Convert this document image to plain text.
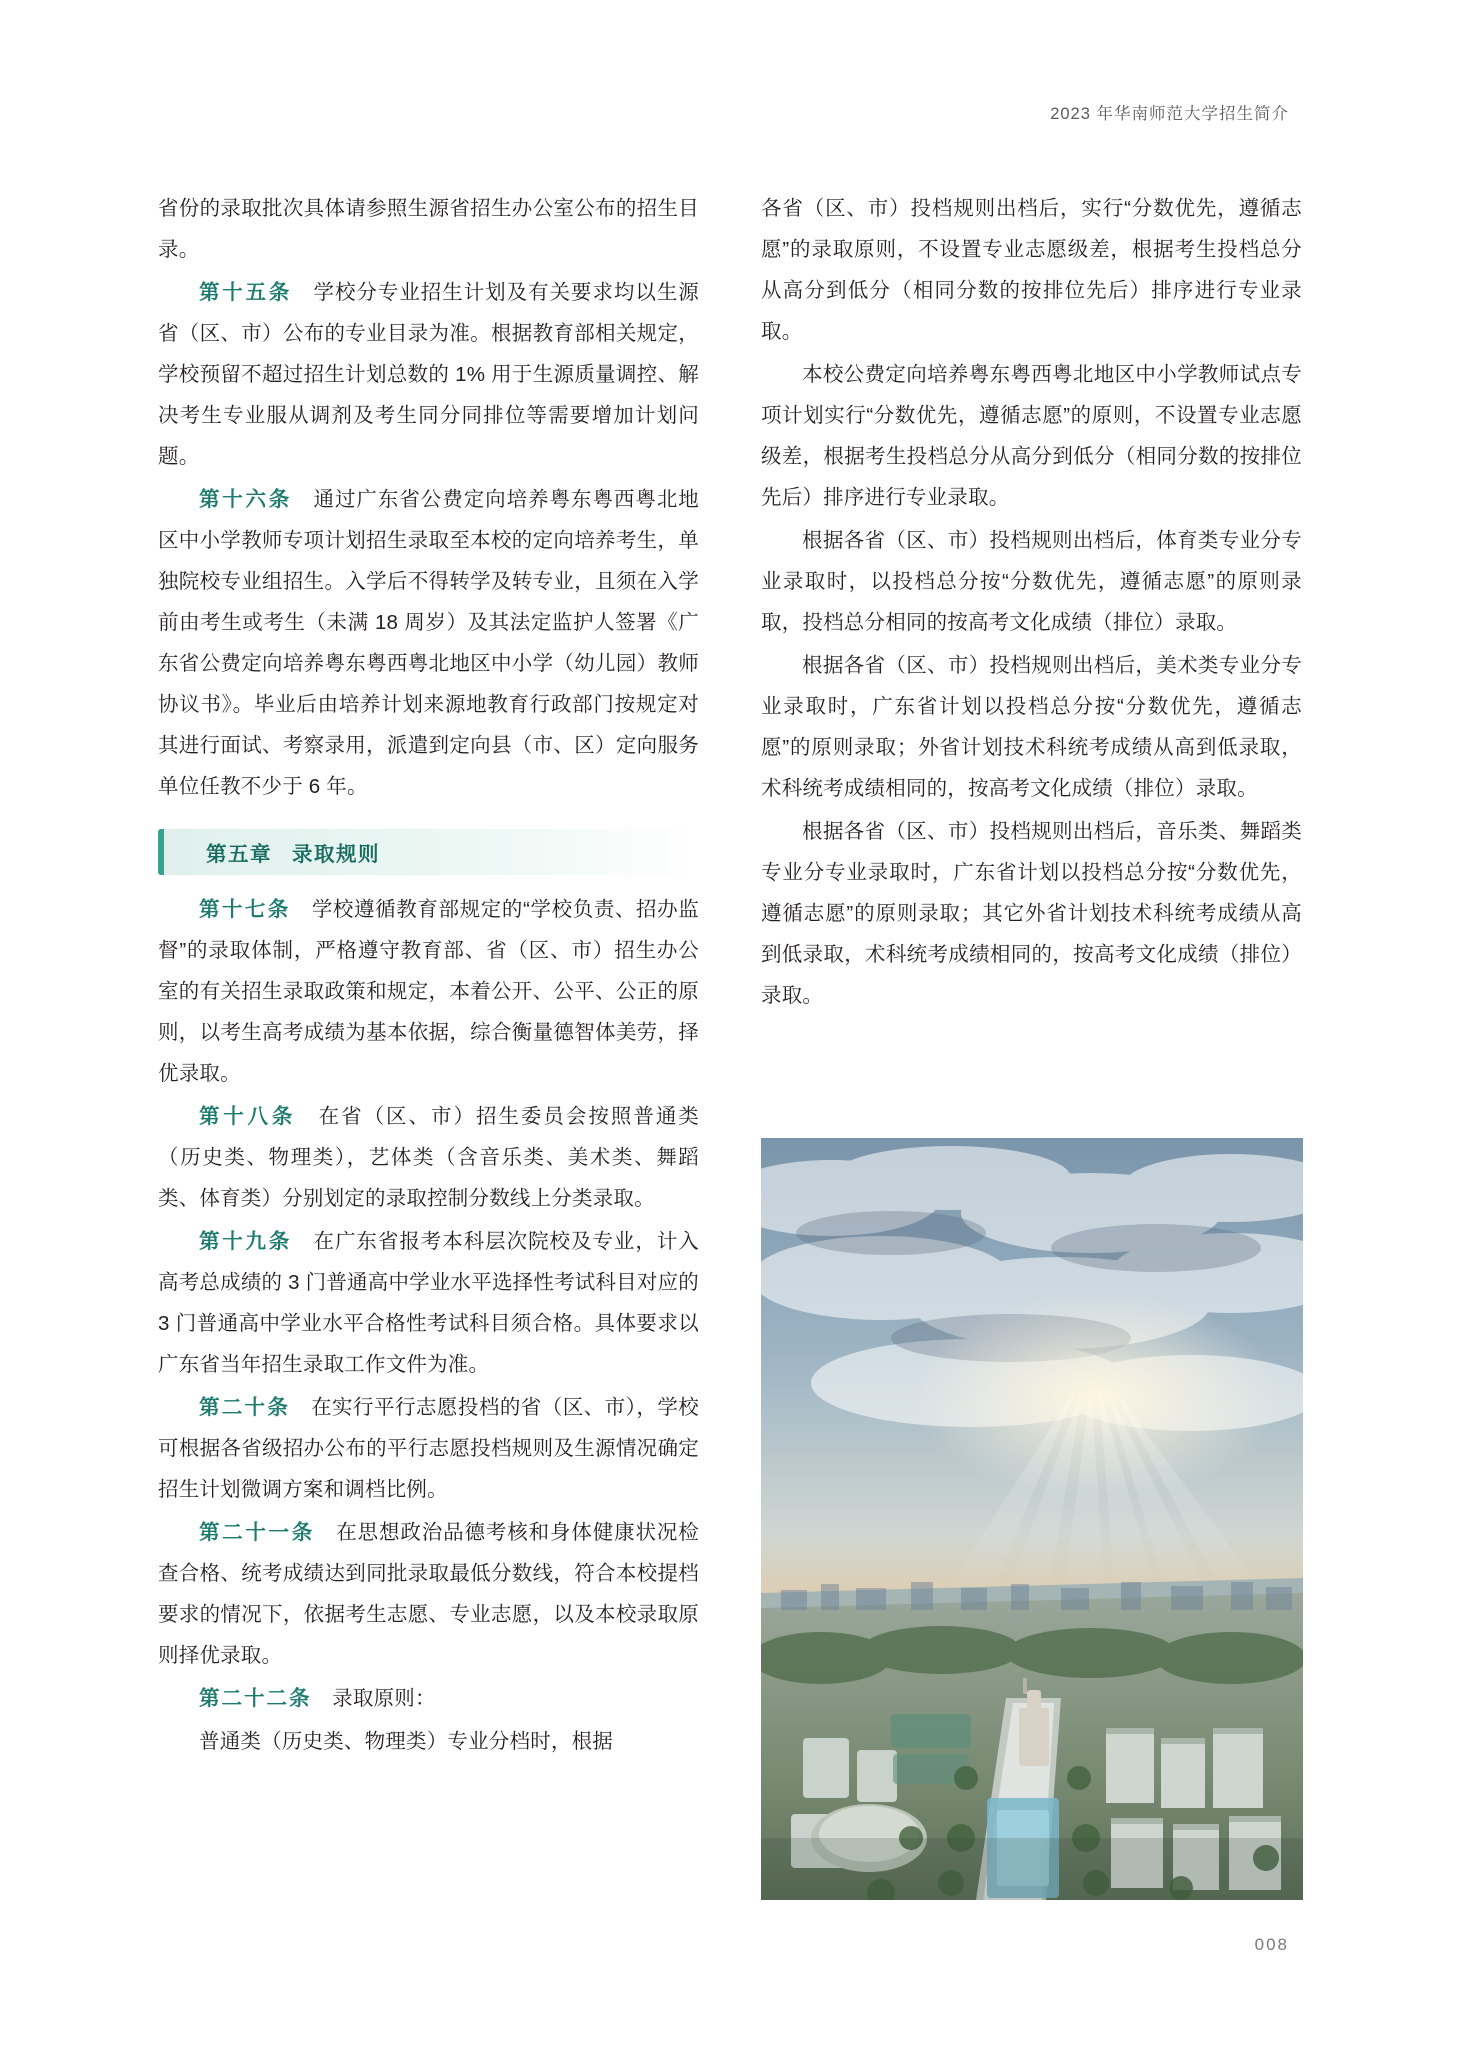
2023 年华南师范大学招生简介

省份的录取批次具体请参照生源省招生办公室公布的招生目录。

第十五条　 学校分专业招生计划及有关要求均以生源省（区、市）公布的专业目录为准。根据教育部相关规定，学校预留不超过招生计划总数的 1% 用于生源质量调控、解决考生专业服从调剂及考生同分同排位等需要增加计划问题。

第十六条　 通过广东省公费定向培养粤东粤西粤北地区中小学教师专项计划招生录取至本校的定向培养考生，单独院校专业组招生。入学后不得转学及转专业，且须在入学前由考生或考生（未满 18 周岁）及其法定监护人签署《广东省公费定向培养粤东粤西粤北地区中小学（幼儿园）教师协议书》。毕业后由培养计划来源地教育行政部门按规定对其进行面试、考察录用，派遣到定向县（市、区）定向服务单位任教不少于 6 年。

第五章 录取规则

第十七条　 学校遵循教育部规定的“学校负责、招办监督”的录取体制，严格遵守教育部、省（区、市）招生办公室的有关招生录取政策和规定，本着公开、公平、公正的原则，以考生高考成绩为基本依据，综合衡量德智体美劳，择优录取。

第十八条　 在省（区、市）招生委员会按照普通类（历史类、物理类），艺体类（含音乐类、美术类、舞蹈类、体育类）分别划定的录取控制分数线上分类录取。

第十九条　 在广东省报考本科层次院校及专业，计入高考总成绩的 3 门普通高中学业水平选择性考试科目对应的 3 门普通高中学业水平合格性考试科目须合格。具体要求以广东省当年招生录取工作文件为准。

第二十条　 在实行平行志愿投档的省（区、市），学校可根据各省级招办公布的平行志愿投档规则及生源情况确定招生计划微调方案和调档比例。

第二十一条　 在思想政治品德考核和身体健康状况检查合格、统考成绩达到同批录取最低分数线，符合本校提档要求的情况下，依据考生志愿、专业志愿，以及本校录取原则择优录取。

第二十二条　 录取原则：

普通类（历史类、物理类）专业分档时，根据

各省（区、市）投档规则出档后，实行“分数优先，遵循志愿”的录取原则，不设置专业志愿级差，根据考生投档总分从高分到低分（相同分数的按排位先后）排序进行专业录取。

本校公费定向培养粤东粤西粤北地区中小学教师试点专项计划实行“分数优先，遵循志愿”的原则，不设置专业志愿级差，根据考生投档总分从高分到低分（相同分数的按排位先后）排序进行专业录取。

根据各省（区、市）投档规则出档后，体育类专业分专业录取时，以投档总分按“分数优先，遵循志愿”的原则录取，投档总分相同的按高考文化成绩（排位）录取。

根据各省（区、市）投档规则出档后，美术类专业分专业录取时，广东省计划以投档总分按“分数优先，遵循志愿”的原则录取；外省计划技术科统考成绩从高到低录取，术科统考成绩相同的，按高考文化成绩（排位）录取。

根据各省（区、市）投档规则出档后，音乐类、舞蹈类专业分专业录取时，广东省计划以投档总分按“分数优先，遵循志愿”的原则录取；其它外省计划技术科统考成绩从高到低录取，术科统考成绩相同的，按高考文化成绩（排位）录取。

008
